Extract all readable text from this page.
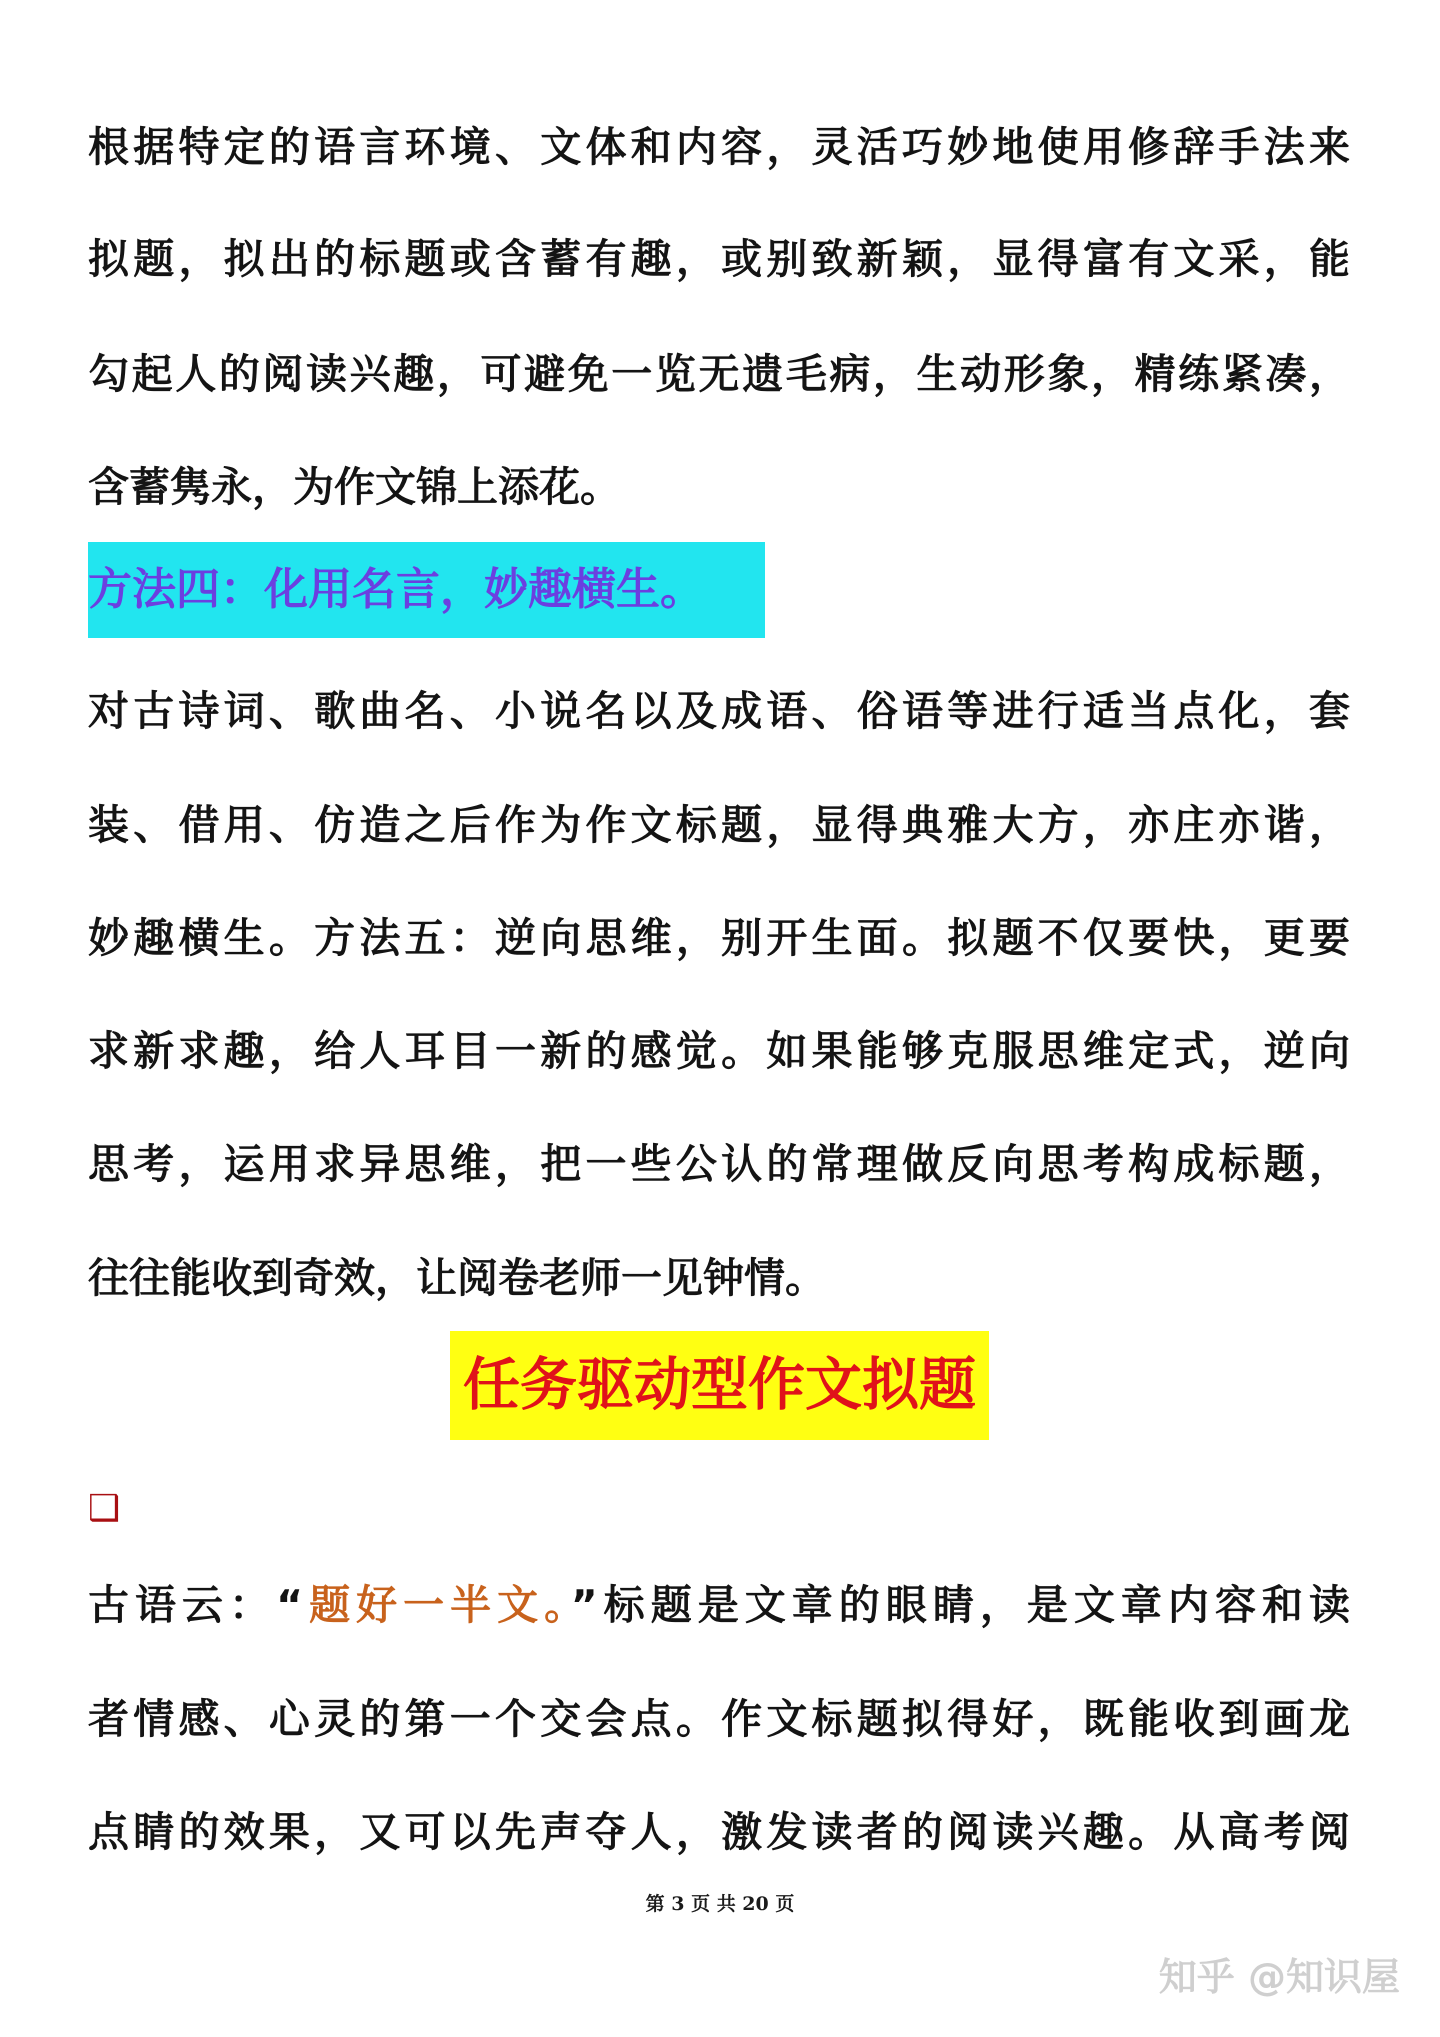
根据特定的语言环境、文体和内容，灵活巧妙地使用修辞手法来
拟题，拟出的标题或含蓄有趣，或别致新颖，显得富有文采，能
勾起人的阅读兴趣，可避免一览无遗毛病，生动形象，精练紧凑，
含蓄隽永，为作文锦上添花。
方法四：化用名言，妙趣横生。
对古诗词、歌曲名、小说名以及成语、俗语等进行适当点化，套
装、借用、仿造之后作为作文标题，显得典雅大方，亦庄亦谐，
妙趣横生。方法五：逆向思维，别开生面。拟题不仅要快，更要
求新求趣，给人耳目一新的感觉。如果能够克服思维定式，逆向
思考，运用求异思维，把一些公认的常理做反向思考构成标题，
往往能收到奇效，让阅卷老师一见钟情。
任务驱动型作文拟题
❑
古语云：“题好一半文。”标题是文章的眼睛，是文章内容和读
者情感、心灵的第一个交会点。作文标题拟得好，既能收到画龙
点睛的效果，又可以先声夺人，激发读者的阅读兴趣。从高考阅
第 3 页 共 20 页
知乎 @知识屋
